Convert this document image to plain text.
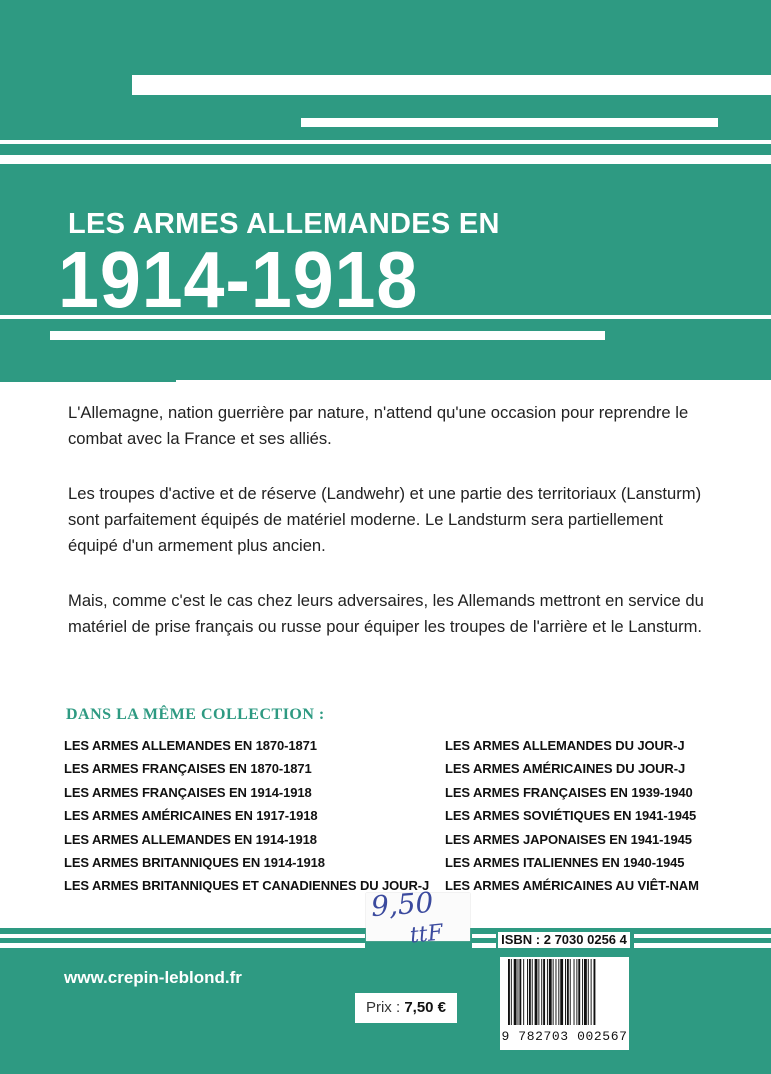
LES ARMES ALLEMANDES EN
1914-1918

L'Allemagne, nation guerrière par nature, n'attend qu'une occasion pour reprendre le combat avec la France et ses alliés.

Les troupes d'active et de réserve (Landwehr) et une partie des territoriaux (Lansturm) sont parfaitement équipés de matériel moderne. Le Landsturm sera partiellement équipé d'un armement plus ancien.

Mais, comme c'est le cas chez leurs adversaires, les Allemands mettront en service du matériel de prise français ou russe pour équiper les troupes de l'arrière et le Lansturm.

DANS LA MÊME COLLECTION :
LES ARMES ALLEMANDES EN 1870-1871
LES ARMES FRANÇAISES EN 1870-1871
LES ARMES FRANÇAISES EN 1914-1918
LES ARMES AMÉRICAINES EN 1917-1918
LES ARMES ALLEMANDES EN 1914-1918
LES ARMES BRITANNIQUES EN 1914-1918
LES ARMES BRITANNIQUES ET CANADIENNES DU JOUR-J
LES ARMES ALLEMANDES DU JOUR-J
LES ARMES AMÉRICAINES DU JOUR-J
LES ARMES FRANÇAISES EN 1939-1940
LES ARMES SOVIÉTIQUES EN 1941-1945
LES ARMES JAPONAISES EN 1941-1945
LES ARMES ITALIENNES EN 1940-1945
LES ARMES AMÉRICAINES AU VIÊT-NAM
9,50
ttF
www.crepin-leblond.fr
Prix : 7,50 €
ISBN : 2 7030 0256 4
9 782703 002567
